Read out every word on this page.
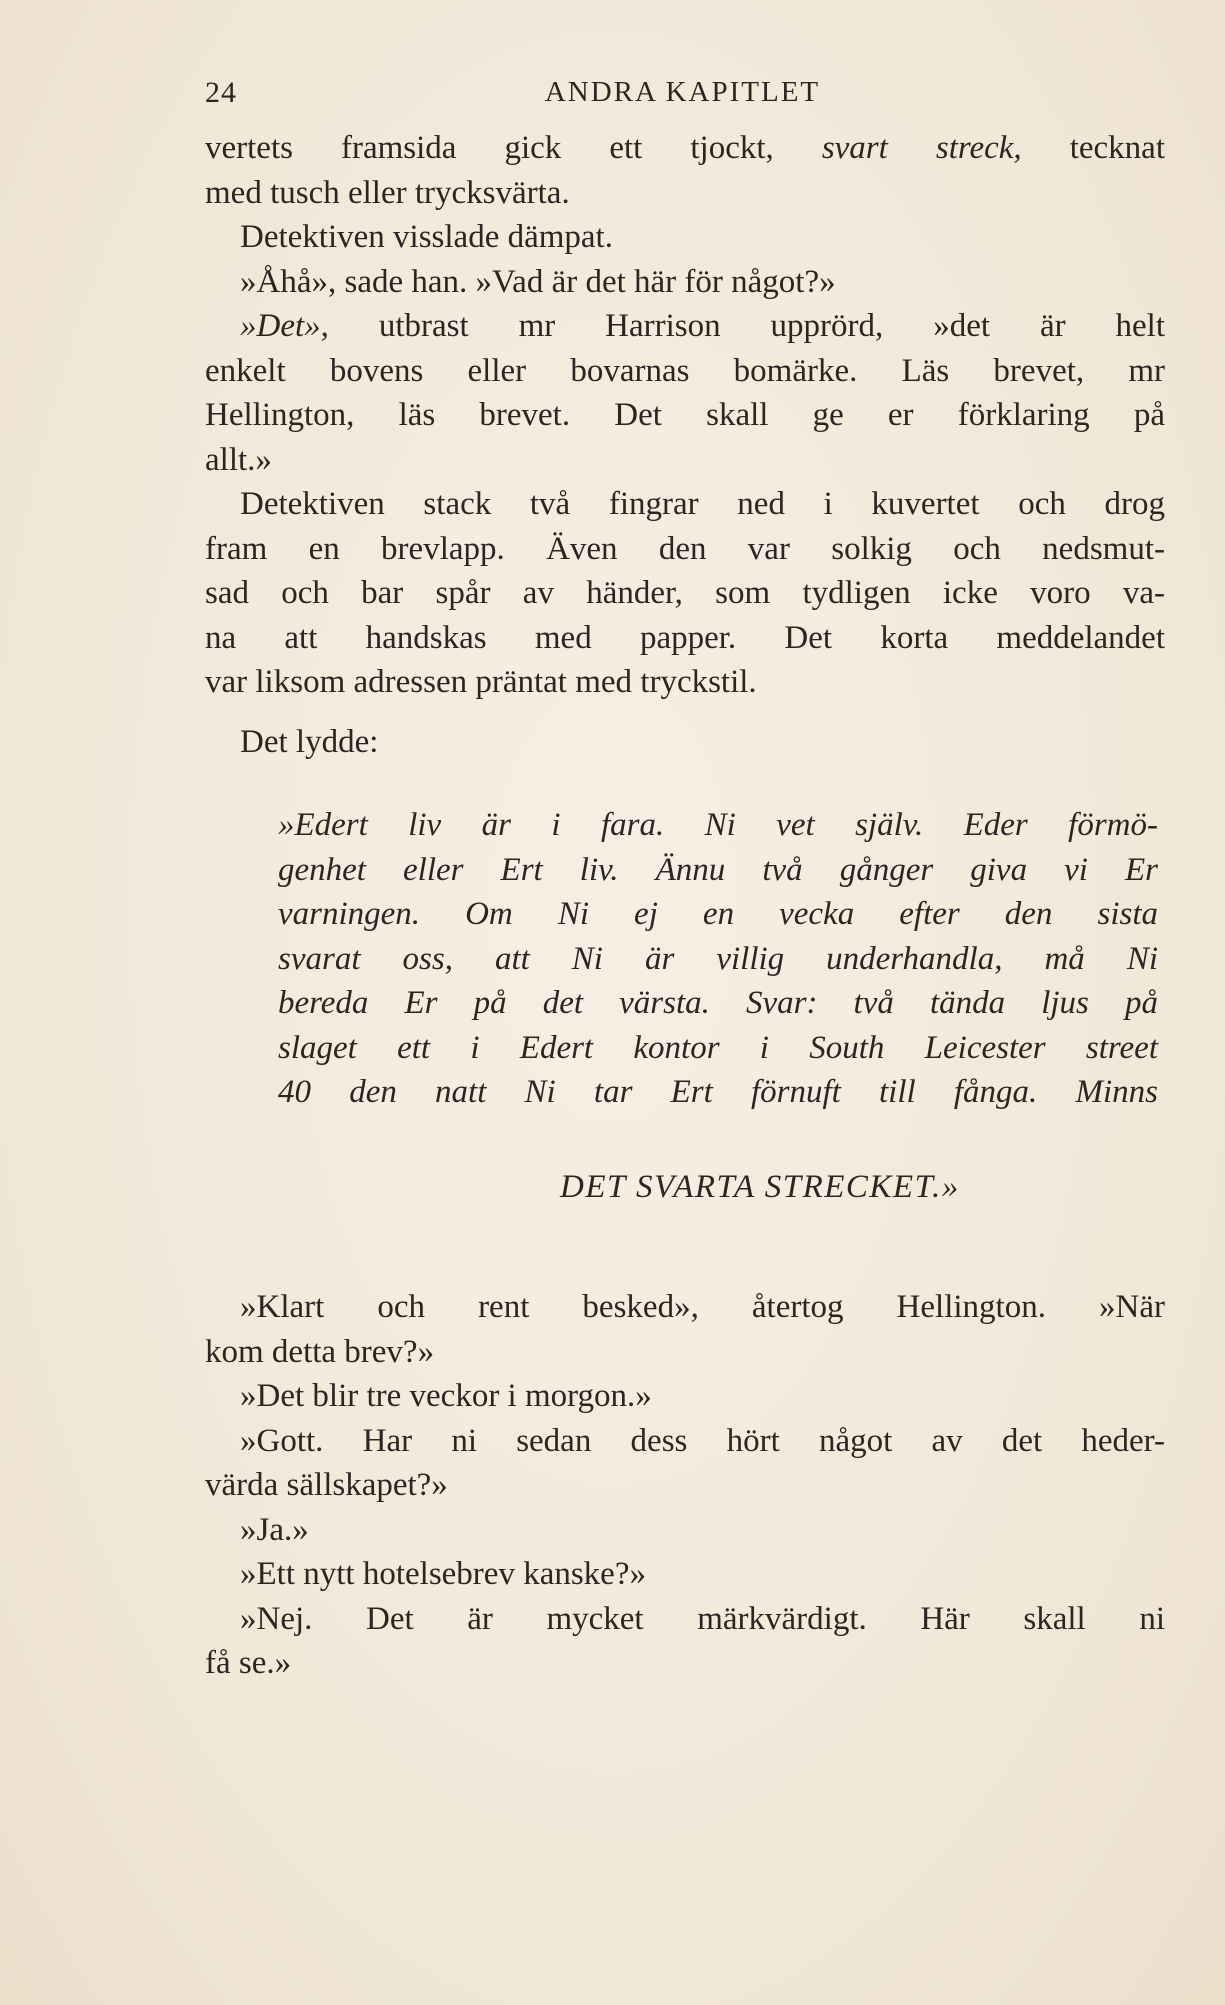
24	ANDRA KAPITLET
vertets framsida gick ett tjockt, svart streck, tecknat
med tusch eller trycksvärta.
Detektiven visslade dämpat.
»Åhå», sade han. »Vad är det här för något?»
»Det», utbrast mr Harrison upprörd, »det är helt
enkelt bovens eller bovarnas bomärke. Läs brevet, mr
Hellington, läs brevet. Det skall ge er förklaring på
allt.»
Detektiven stack två fingrar ned i kuvertet och drog
fram en brevlapp. Även den var solkig och nedsmut-
sad och bar spår av händer, som tydligen icke voro va-
na att handskas med papper. Det korta meddelandet
var liksom adressen präntat med tryckstil.
Det lydde:
»Edert liv är i fara. Ni vet själv. Eder förmö-
genhet eller Ert liv. Ännu två gånger giva vi Er
varningen. Om Ni ej en vecka efter den sista
svarat oss, att Ni är villig underhandla, må Ni
bereda Er på det värsta. Svar: två tända ljus på
slaget ett i Edert kontor i South Leicester street
40 den natt Ni tar Ert förnuft till fånga. Minns
DET SVARTA STRECKET.»
»Klart och rent besked», återtog Hellington. »När
kom detta brev?»
»Det blir tre veckor i morgon.»
»Gott. Har ni sedan dess hört något av det heder-
värda sällskapet?»
»Ja.»
»Ett nytt hotelsebrev kanske?»
»Nej. Det är mycket märkvärdigt. Här skall ni
få se.»
